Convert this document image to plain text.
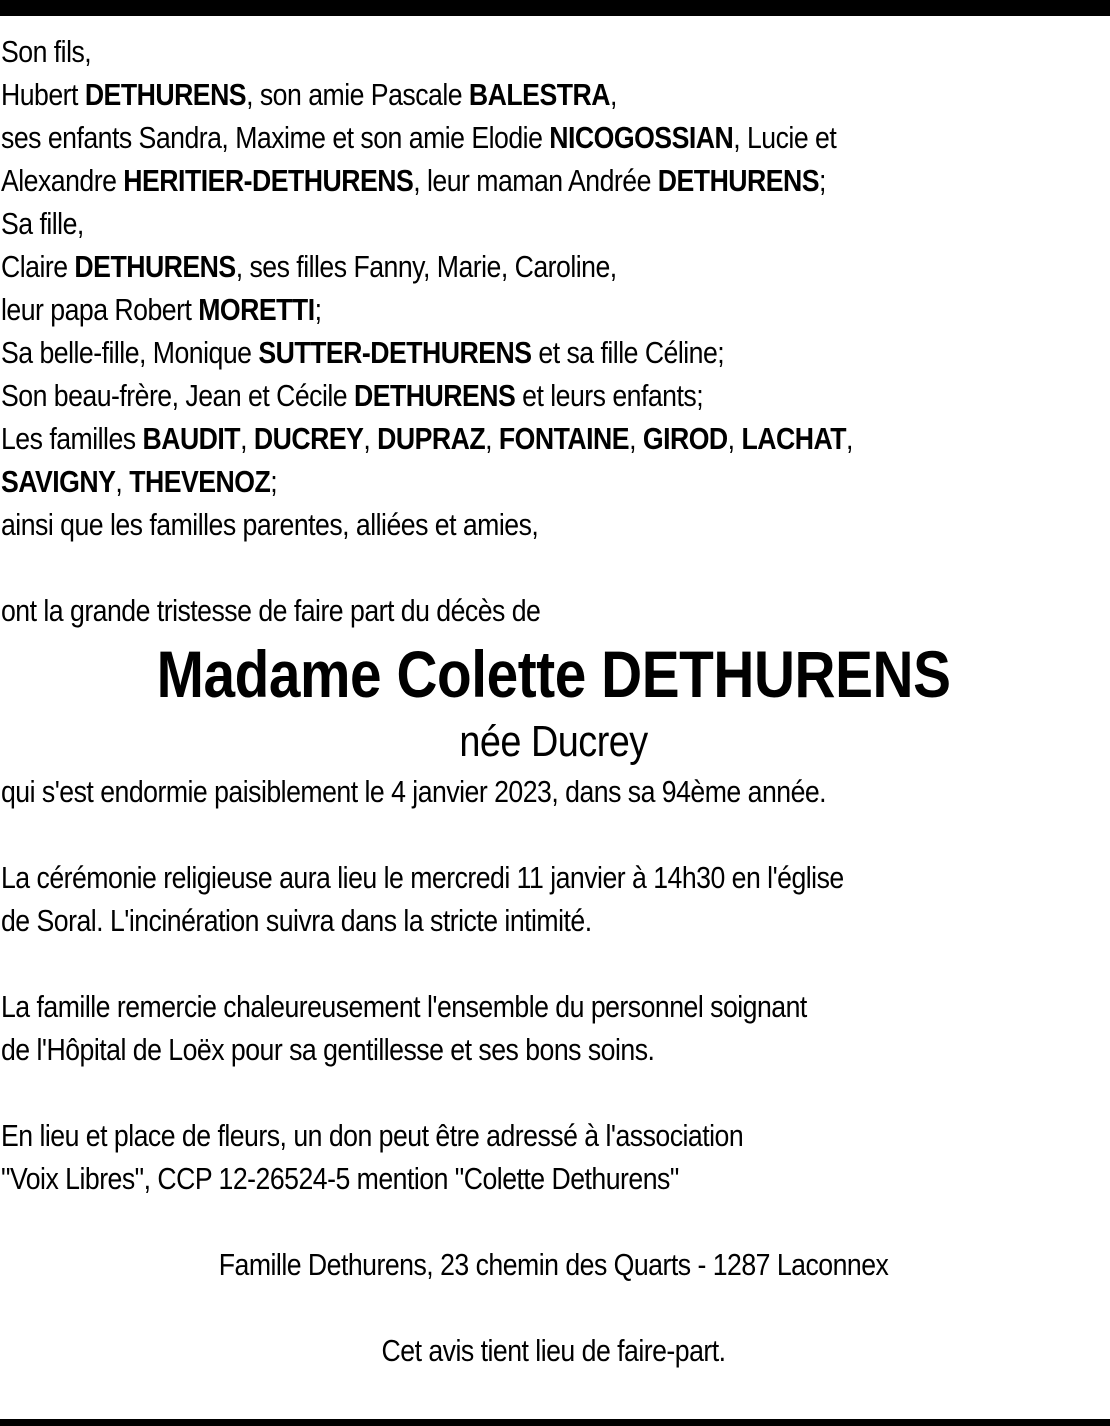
Son fils,
Hubert DETHURENS, son amie Pascale BALESTRA,
ses enfants Sandra, Maxime et son amie Elodie NICOGOSSIAN, Lucie et
Alexandre HERITIER-DETHURENS, leur maman Andrée DETHURENS;
Sa fille,
Claire DETHURENS, ses filles Fanny, Marie, Caroline,
leur papa Robert MORETTI;
Sa belle-fille, Monique SUTTER-DETHURENS et sa fille Céline;
Son beau-frère, Jean et Cécile DETHURENS et leurs enfants;
Les familles BAUDIT, DUCREY, DUPRAZ, FONTAINE, GIROD, LACHAT,
SAVIGNY, THEVENOZ;
ainsi que les familles parentes, alliées et amies,
ont la grande tristesse de faire part du décès de
Madame Colette DETHURENS
née Ducrey
qui s'est endormie paisiblement le 4 janvier 2023, dans sa 94ème année.
La cérémonie religieuse aura lieu le mercredi 11 janvier à 14h30 en l'église
de Soral. L'incinération suivra dans la stricte intimité.
La famille remercie chaleureusement l'ensemble du personnel soignant
de l'Hôpital de Loëx pour sa gentillesse et ses bons soins.
En lieu et place de fleurs, un don peut être adressé à l'association
"Voix Libres", CCP 12-26524-5 mention "Colette Dethurens"
Famille Dethurens, 23 chemin des Quarts - 1287 Laconnex
Cet avis tient lieu de faire-part.
